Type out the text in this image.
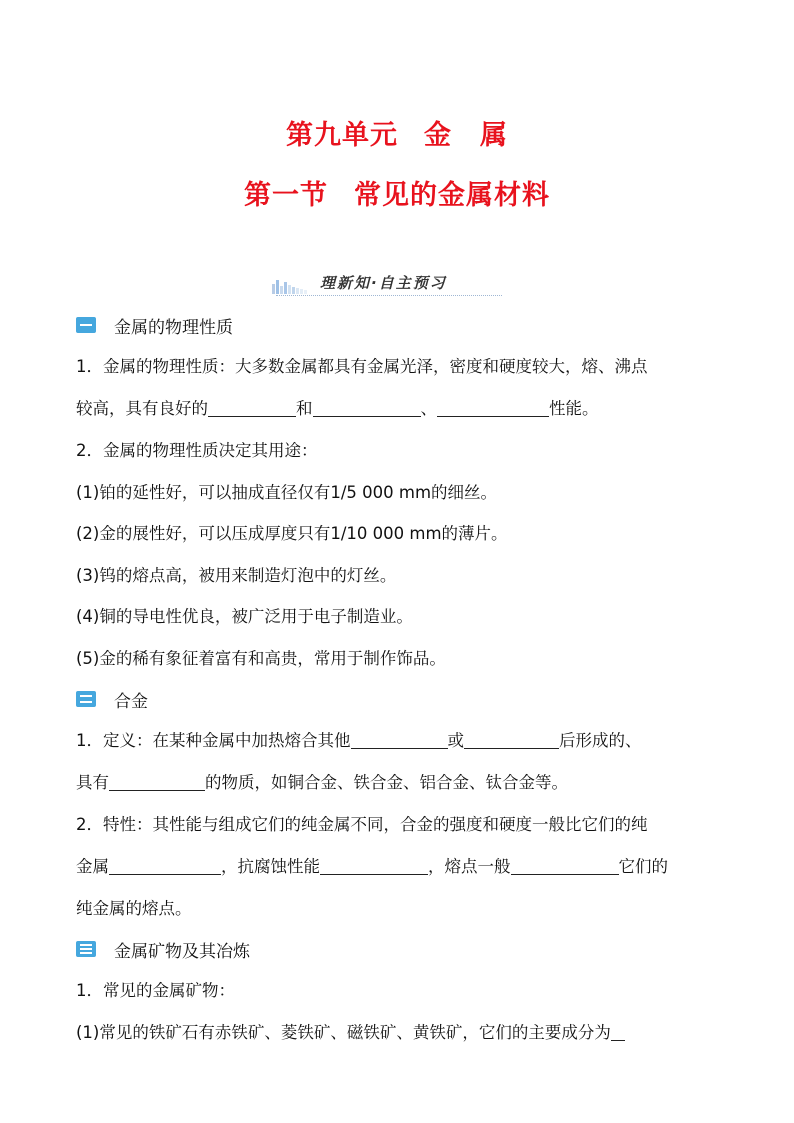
第九单元 金　属
第一节 常见的金属材料
理新知·自主预习
金属的物理性质
1．金属的物理性质：大多数金属都具有金属光泽，密度和硬度较大，熔、沸点
较高，具有良好的	和	、	性能。
2．金属的物理性质决定其用途：
(1)铂的延性好，可以抽成直径仅有1/5 000 mm的细丝。
(2)金的展性好，可以压成厚度只有1/10 000 mm的薄片。
(3)钨的熔点高，被用来制造灯泡中的灯丝。
(4)铜的导电性优良，被广泛用于电子制造业。
(5)金的稀有象征着富有和高贵，常用于制作饰品。
合金
1．定义：在某种金属中加热熔合其他	或	后形成的、
具有	的物质，如铜合金、铁合金、铝合金、钛合金等。
2．特性：其性能与组成它们的纯金属不同，合金的强度和硬度一般比它们的纯
金属	，抗腐蚀性能	，熔点一般	它们的
纯金属的熔点。
金属矿物及其冶炼
1．常见的金属矿物：
(1)常见的铁矿石有赤铁矿、菱铁矿、磁铁矿、黄铁矿，它们的主要成分为
